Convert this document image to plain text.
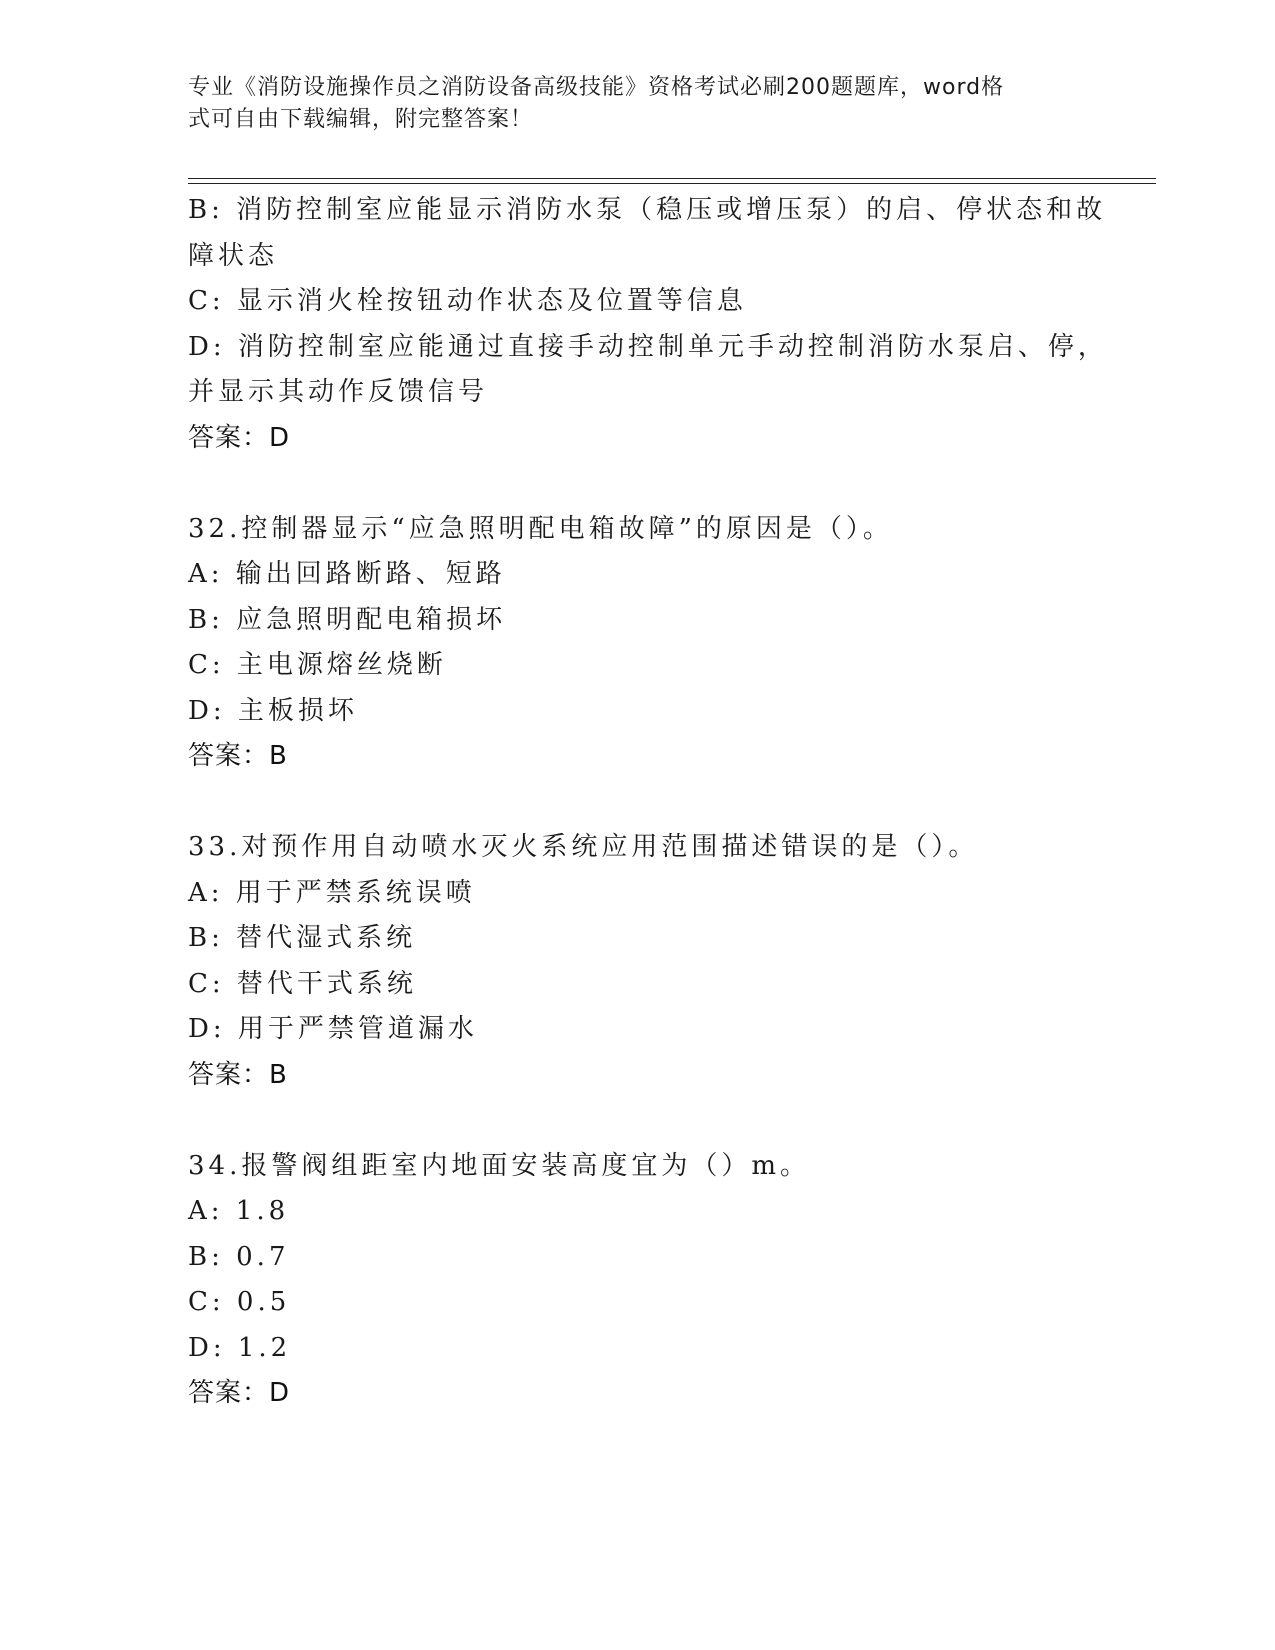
专业《消防设施操作员之消防设备高级技能》资格考试必刷200题题库，word格
式可自由下载编辑，附完整答案！
B: 消防控制室应能显示消防水泵（稳压或增压泵）的启、停状态和故
障状态
C: 显示消火栓按钮动作状态及位置等信息
D: 消防控制室应能通过直接手动控制单元手动控制消防水泵启、停，
并显示其动作反馈信号
答案：D
32.控制器显示“应急照明配电箱故障”的原因是（）。
A: 输出回路断路、短路
B: 应急照明配电箱损坏
C: 主电源熔丝烧断
D: 主板损坏
答案：B
33.对预作用自动喷水灭火系统应用范围描述错误的是（）。
A: 用于严禁系统误喷
B: 替代湿式系统
C: 替代干式系统
D: 用于严禁管道漏水
答案：B
34.报警阀组距室内地面安装高度宜为（）m。
A: 1.8
B: 0.7
C: 0.5
D: 1.2
答案：D
